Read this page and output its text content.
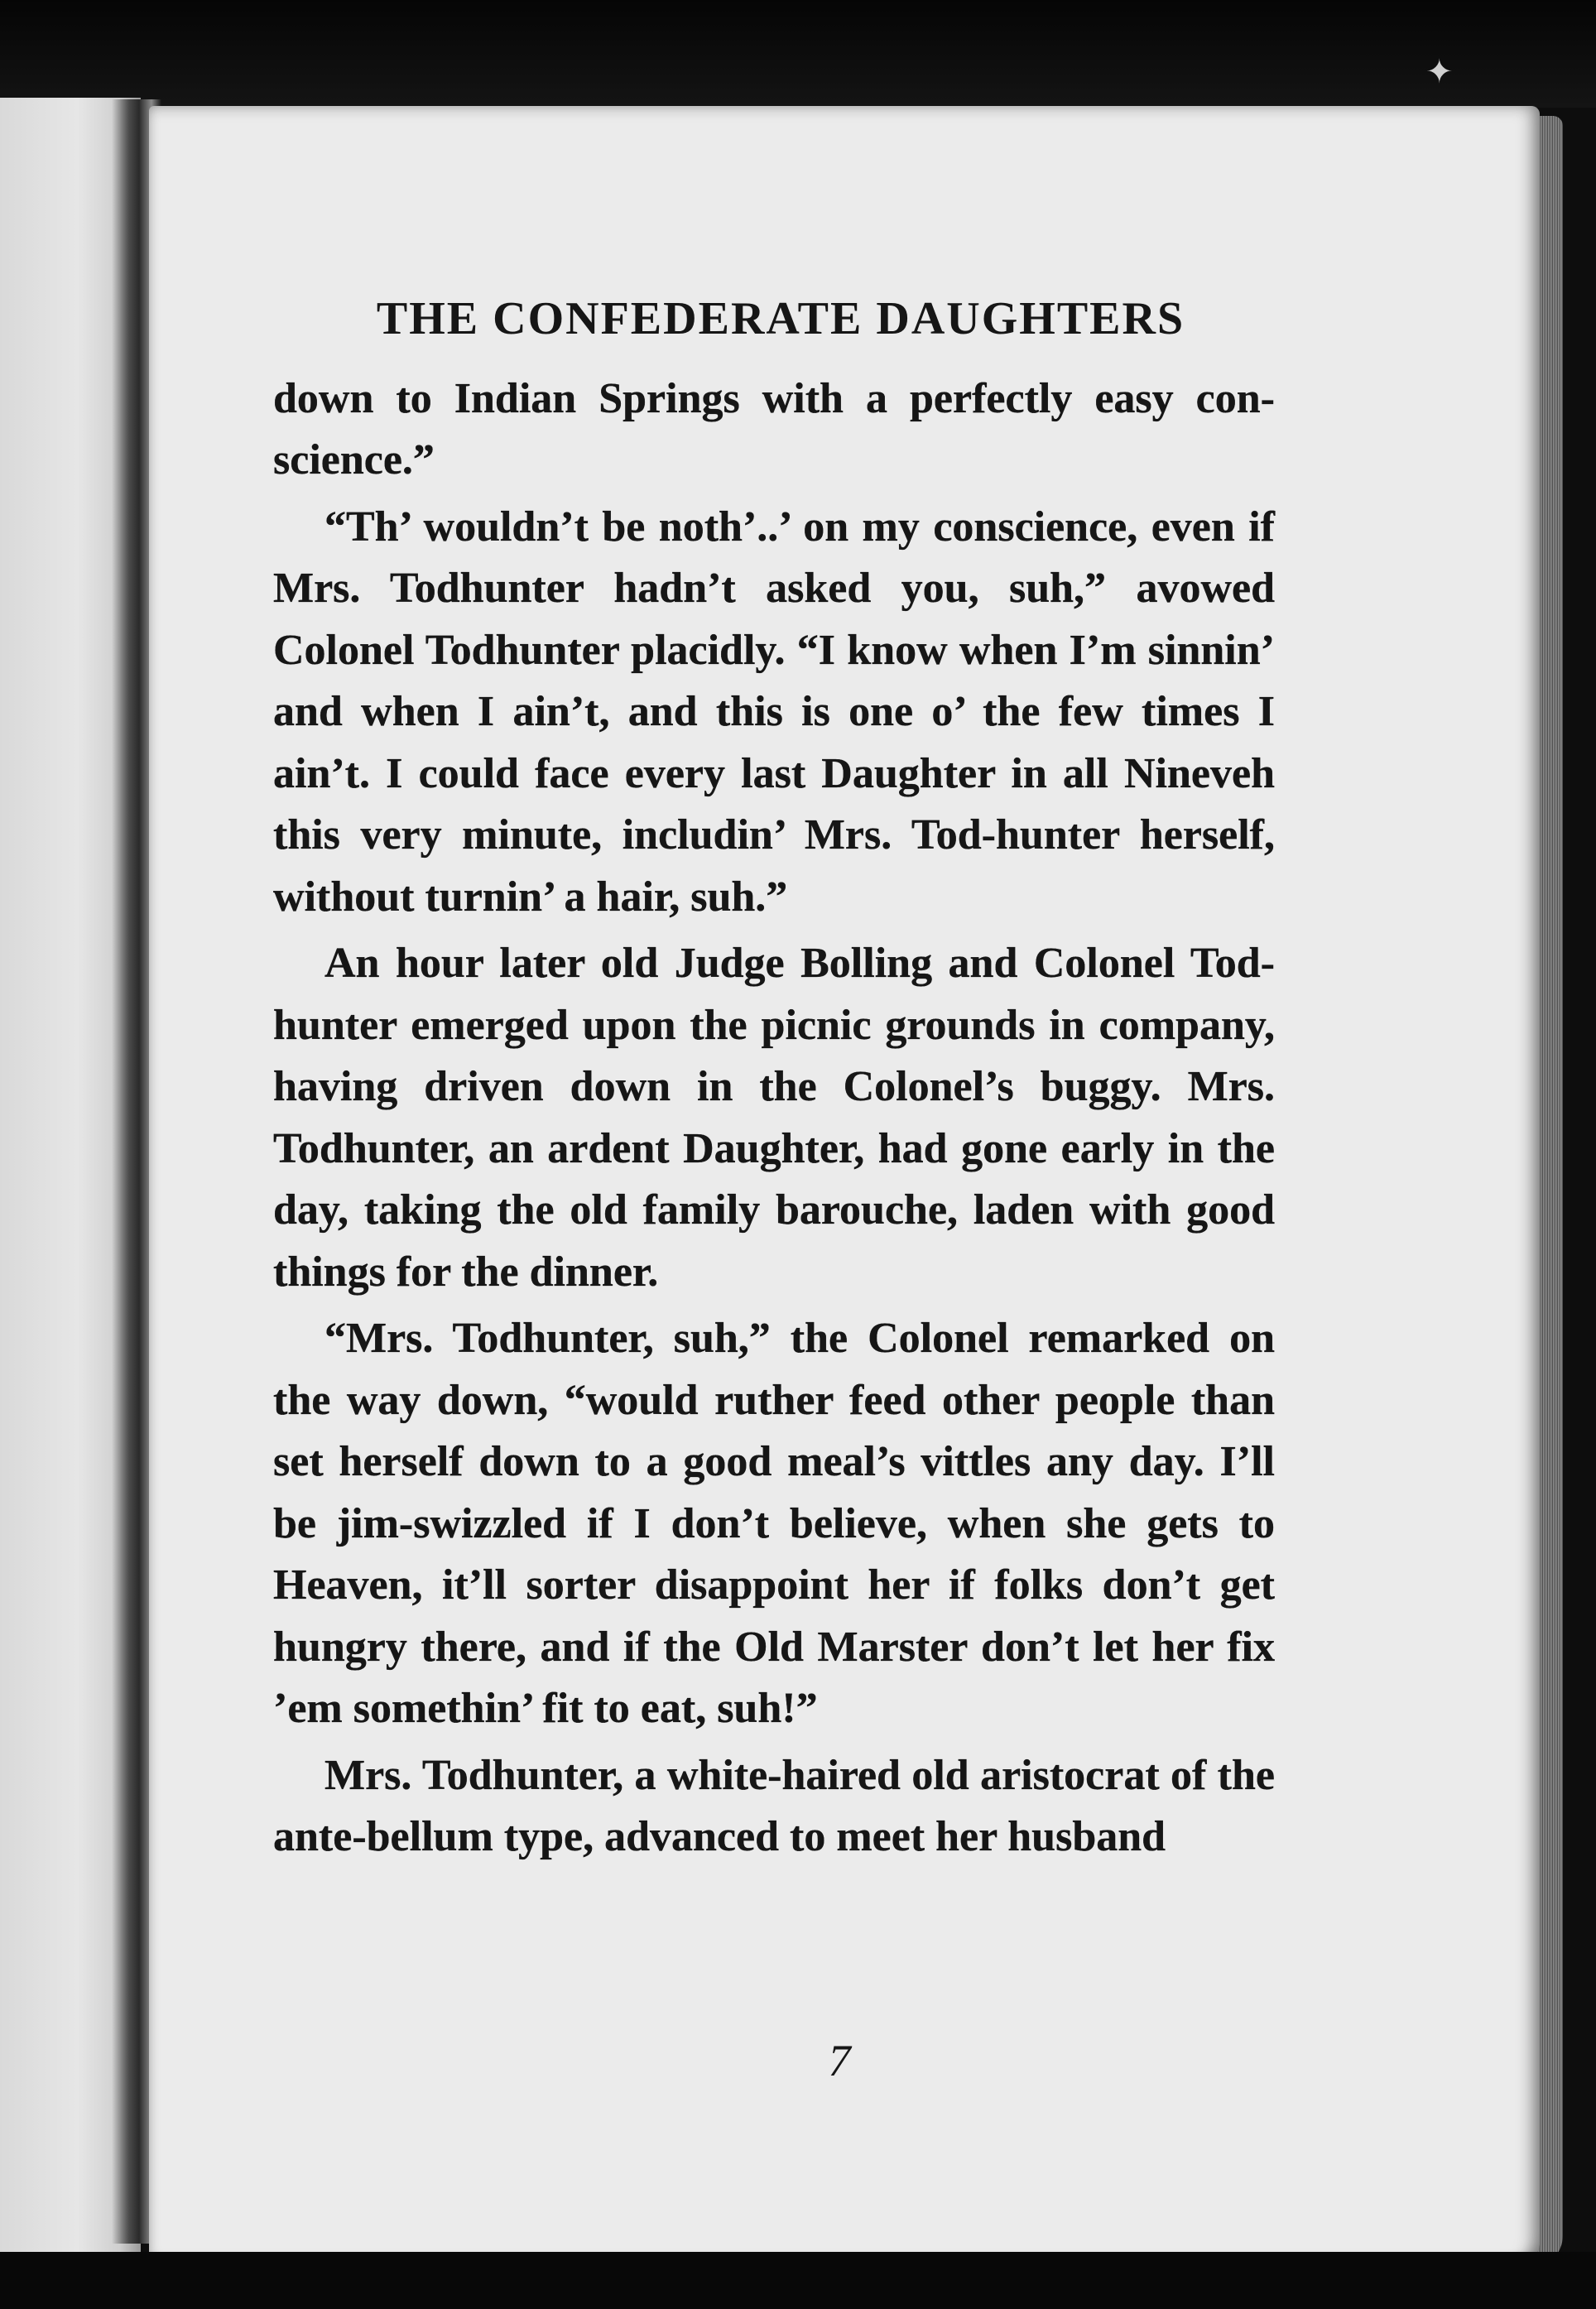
7
THE CONFEDERATE DAUGHTERS

down to Indian Springs with a perfectly easy con-science.”

“Th’ wouldn’t be noth’..’ on my conscience, even if Mrs. Todhunter hadn’t asked you, suh,” avowed Colonel Todhunter placidly. “I know when I’m sinnin’ and when I ain’t, and this is one o’ the few times I ain’t. I could face every last Daughter in all Nineveh this very minute, includin’ Mrs. Tod-hunter herself, without turnin’ a hair, suh.”

An hour later old Judge Bolling and Colonel Tod-hunter emerged upon the picnic grounds in company, having driven down in the Colonel’s buggy. Mrs. Todhunter, an ardent Daughter, had gone early in the day, taking the old family barouche, laden with good things for the dinner.

“Mrs. Todhunter, suh,” the Colonel remarked on the way down, “would ruther feed other people than set herself down to a good meal’s vittles any day. I’ll be jim-swizzled if I don’t believe, when she gets to Heaven, it’ll sorter disappoint her if folks don’t get hungry there, and if the Old Marster don’t let her fix ’em somethin’ fit to eat, suh!”

Mrs. Todhunter, a white-haired old aristocrat of the ante-bellum type, advanced to meet her husband

✦
